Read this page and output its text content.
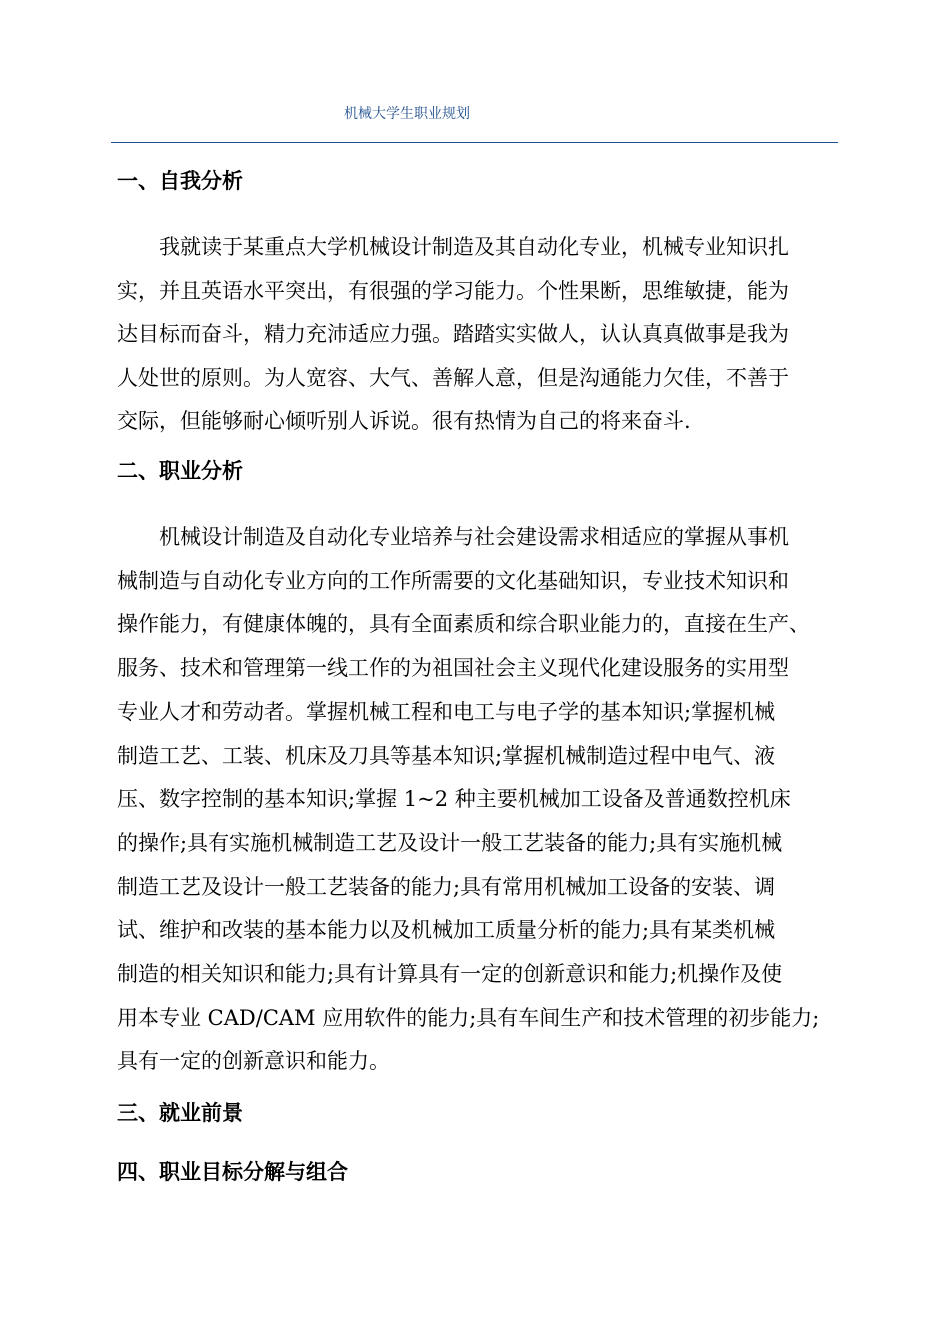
机械大学生职业规划
一、自我分析
　　我就读于某重点大学机械设计制造及其自动化专业，机械专业知识扎
实，并且英语水平突出，有很强的学习能力。个性果断，思维敏捷，能为
达目标而奋斗，精力充沛适应力强。踏踏实实做人，认认真真做事是我为
人处世的原则。为人宽容、大气、善解人意，但是沟通能力欠佳，不善于
交际，但能够耐心倾听别人诉说。很有热情为自己的将来奋斗.
二、职业分析
　　机械设计制造及自动化专业培养与社会建设需求相适应的掌握从事机
械制造与自动化专业方向的工作所需要的文化基础知识，专业技术知识和
操作能力，有健康体魄的，具有全面素质和综合职业能力的，直接在生产、
服务、技术和管理第一线工作的为祖国社会主义现代化建设服务的实用型
专业人才和劳动者。掌握机械工程和电工与电子学的基本知识;掌握机械
制造工艺、工装、机床及刀具等基本知识;掌握机械制造过程中电气、液
压、数字控制的基本知识;掌握 1~2 种主要机械加工设备及普通数控机床
的操作;具有实施机械制造工艺及设计一般工艺装备的能力;具有实施机械
制造工艺及设计一般工艺装备的能力;具有常用机械加工设备的安装、调
试、维护和改装的基本能力以及机械加工质量分析的能力;具有某类机械
制造的相关知识和能力;具有计算具有一定的创新意识和能力;机操作及使
用本专业 CAD/CAM 应用软件的能力;具有车间生产和技术管理的初步能力;
具有一定的创新意识和能力。
三、就业前景
四、职业目标分解与组合
